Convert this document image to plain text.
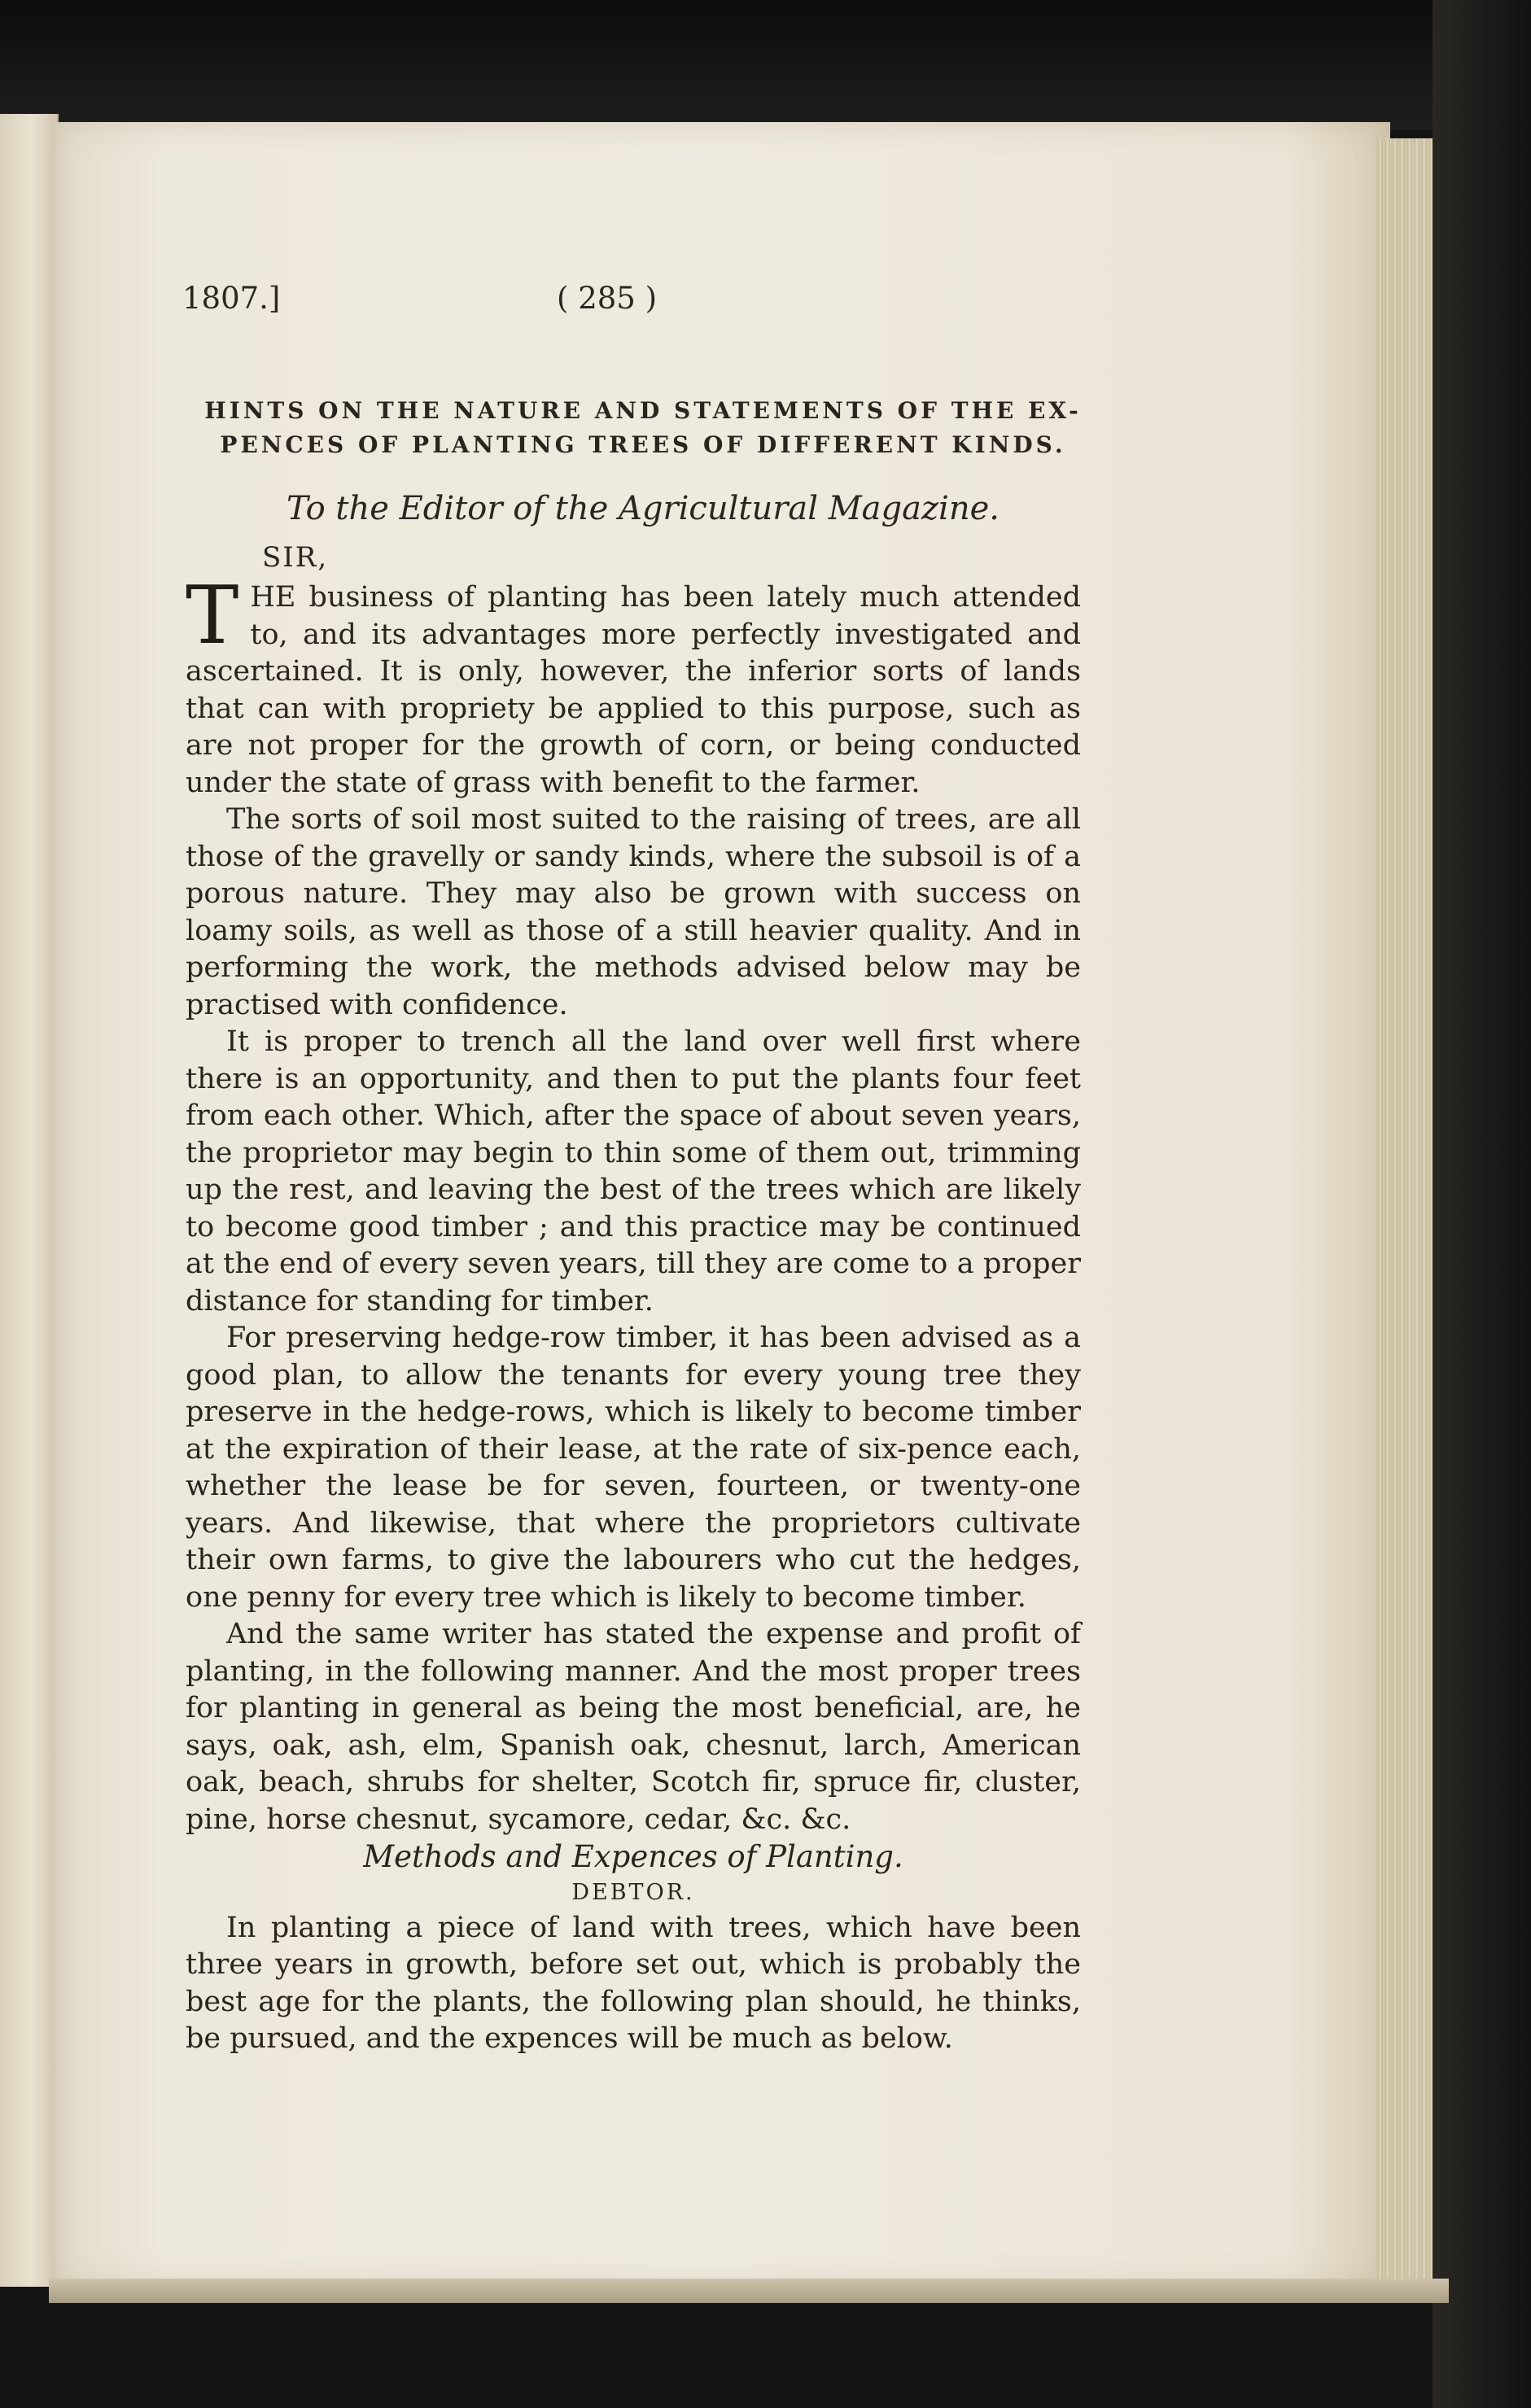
1807.]	( 285 )
HINTS ON THE NATURE AND STATEMENTS OF THE EX-
PENCES OF PLANTING TREES OF DIFFERENT KINDS.
To the Editor of the Agricultural Magazine.
SIR,

THE business of planting has been lately much attended to, and its advantages more perfectly investigated and ascertained. It is only, however, the inferior sorts of lands that can with propriety be applied to this purpose, such as are not proper for the growth of corn, or being conducted under the state of grass with benefit to the farmer.

The sorts of soil most suited to the raising of trees, are all those of the gravelly or sandy kinds, where the subsoil is of a porous nature. They may also be grown with success on loamy soils, as well as those of a still heavier quality. And in performing the work, the methods advised below may be practised with confidence.

It is proper to trench all the land over well first where there is an opportunity, and then to put the plants four feet from each other. Which, after the space of about seven years, the proprietor may begin to thin some of them out, trimming up the rest, and leaving the best of the trees which are likely to become good timber ; and this practice may be continued at the end of every seven years, till they are come to a proper distance for standing for timber.

For preserving hedge-row timber, it has been advised as a good plan, to allow the tenants for every young tree they preserve in the hedge-rows, which is likely to become timber at the expiration of their lease, at the rate of six-pence each, whether the lease be for seven, fourteen, or twenty-one years. And likewise, that where the proprietors cultivate their own farms, to give the labourers who cut the hedges, one penny for every tree which is likely to become timber.

And the same writer has stated the expense and profit of planting, in the following manner. And the most proper trees for planting in general as being the most beneficial, are, he says, oak, ash, elm, Spanish oak, chesnut, larch, American oak, beach, shrubs for shelter, Scotch fir, spruce fir, cluster, pine, horse chesnut, sycamore, cedar, &c. &c.

Methods and Expences of Planting.

DEBTOR.

In planting a piece of land with trees, which have been three years in growth, before set out, which is probably the best age for the plants, the following plan should, he thinks, be pursued, and the expences will be much as below.
